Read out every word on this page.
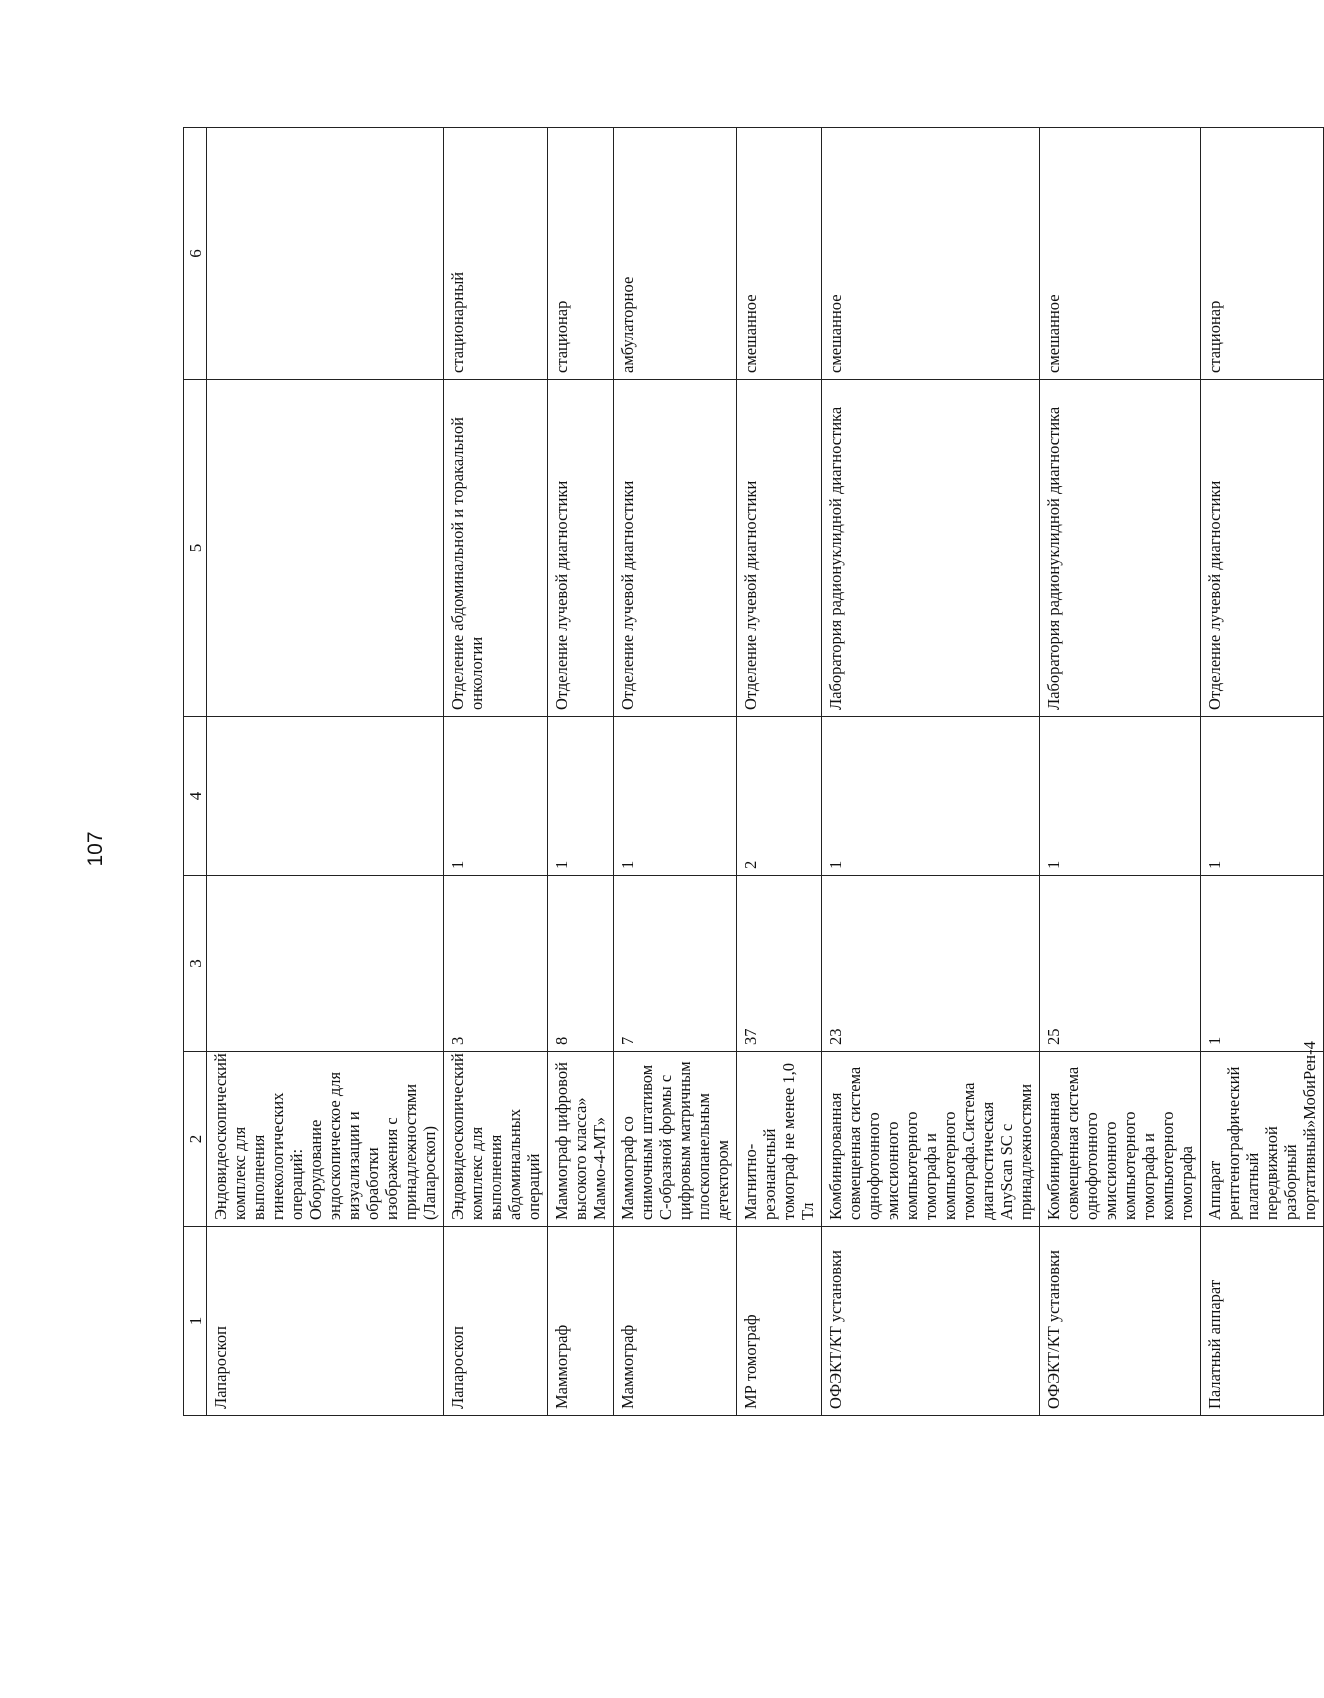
107
1	2	3	4	5	6
Лапароскоп	Эндовидеоскопический комплекс для выполнения гинекологических операций: Оборудование эндоскопическое для визуализации и обработки изображения с принадлежностями (Лапароскоп)				
Лапароскоп	Эндовидеоскопический комплекс для выполнения абдоминальных операций	3	1	Отделение абдоминальной и торакальной онкологии	стационарный
Маммограф	Маммограф цифровой высокого класса» Маммо-4-МТ»	8	1	Отделение лучевой диагностики	стационар
Маммограф	Маммограф со снимочным штативом С-образной формы с цифровым матричным плоскопанельным детектором	7	1	Отделение лучевой диагностики	амбулаторное
МР томограф	Магнитно-резонансный томограф не менее 1,0 Тл	37	2	Отделение лучевой диагностики	смешанное
ОФЭКТ/КТ установки	Комбинированная совмещенная система однофотонного эмиссионного компьютерного томографа и компьютерного томографа.Система диагностическая AnyScan SC с принадлежностями	23	1	Лаборатория радионуклидной диагностика	смешанное
ОФЭКТ/КТ установки	Комбинированная совмещенная система однофотонного эмиссионного компьютерного томографа и компьютерного томографа	25	1	Лаборатория радионуклидной диагностика	смешанное
Палатный аппарат	Аппарат рентгенографический палатный передвижной разборный портативный»МобиРен-4	1	1	Отделение лучевой диагностики	стационар
